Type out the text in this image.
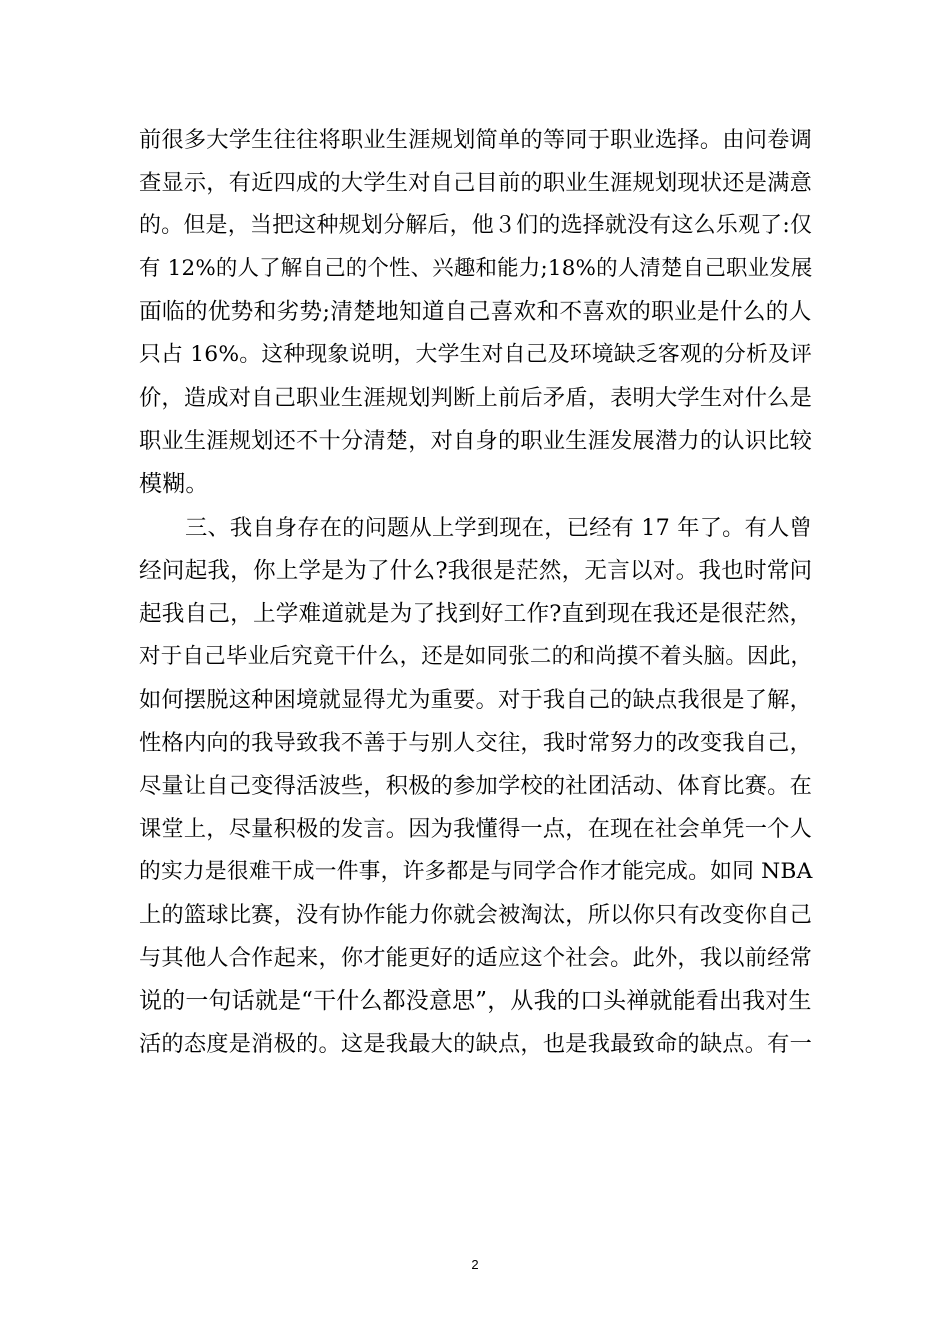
前很多大学生往往将职业生涯规划简单的等同于职业选择。由问卷调
查显示，有近四成的大学生对自己目前的职业生涯规划现状还是满意
的。但是，当把这种规划分解后，他３们的选择就没有这么乐观了:仅
有 12%的人了解自己的个性、兴趣和能力;18%的人清楚自己职业发展
面临的优势和劣势;清楚地知道自己喜欢和不喜欢的职业是什么的人
只占 16%。这种现象说明，大学生对自己及环境缺乏客观的分析及评
价，造成对自己职业生涯规划判断上前后矛盾，表明大学生对什么是
职业生涯规划还不十分清楚，对自身的职业生涯发展潜力的认识比较
模糊。
三、我自身存在的问题从上学到现在，已经有 17 年了。有人曾
经问起我，你上学是为了什么?我很是茫然，无言以对。我也时常问
起我自己，上学难道就是为了找到好工作?直到现在我还是很茫然，
对于自己毕业后究竟干什么，还是如同张二的和尚摸不着头脑。因此，
如何摆脱这种困境就显得尤为重要。对于我自己的缺点我很是了解，
性格内向的我导致我不善于与别人交往，我时常努力的改变我自己，
尽量让自己变得活波些，积极的参加学校的社团活动、体育比赛。在
课堂上，尽量积极的发言。因为我懂得一点，在现在社会单凭一个人
的实力是很难干成一件事，许多都是与同学合作才能完成。如同 NBA
上的篮球比赛，没有协作能力你就会被淘汰，所以你只有改变你自己
与其他人合作起来，你才能更好的适应这个社会。此外，我以前经常
说的一句话就是“干什么都没意思”，从我的口头禅就能看出我对生
活的态度是消极的。这是我最大的缺点，也是我最致命的缺点。有一
2
